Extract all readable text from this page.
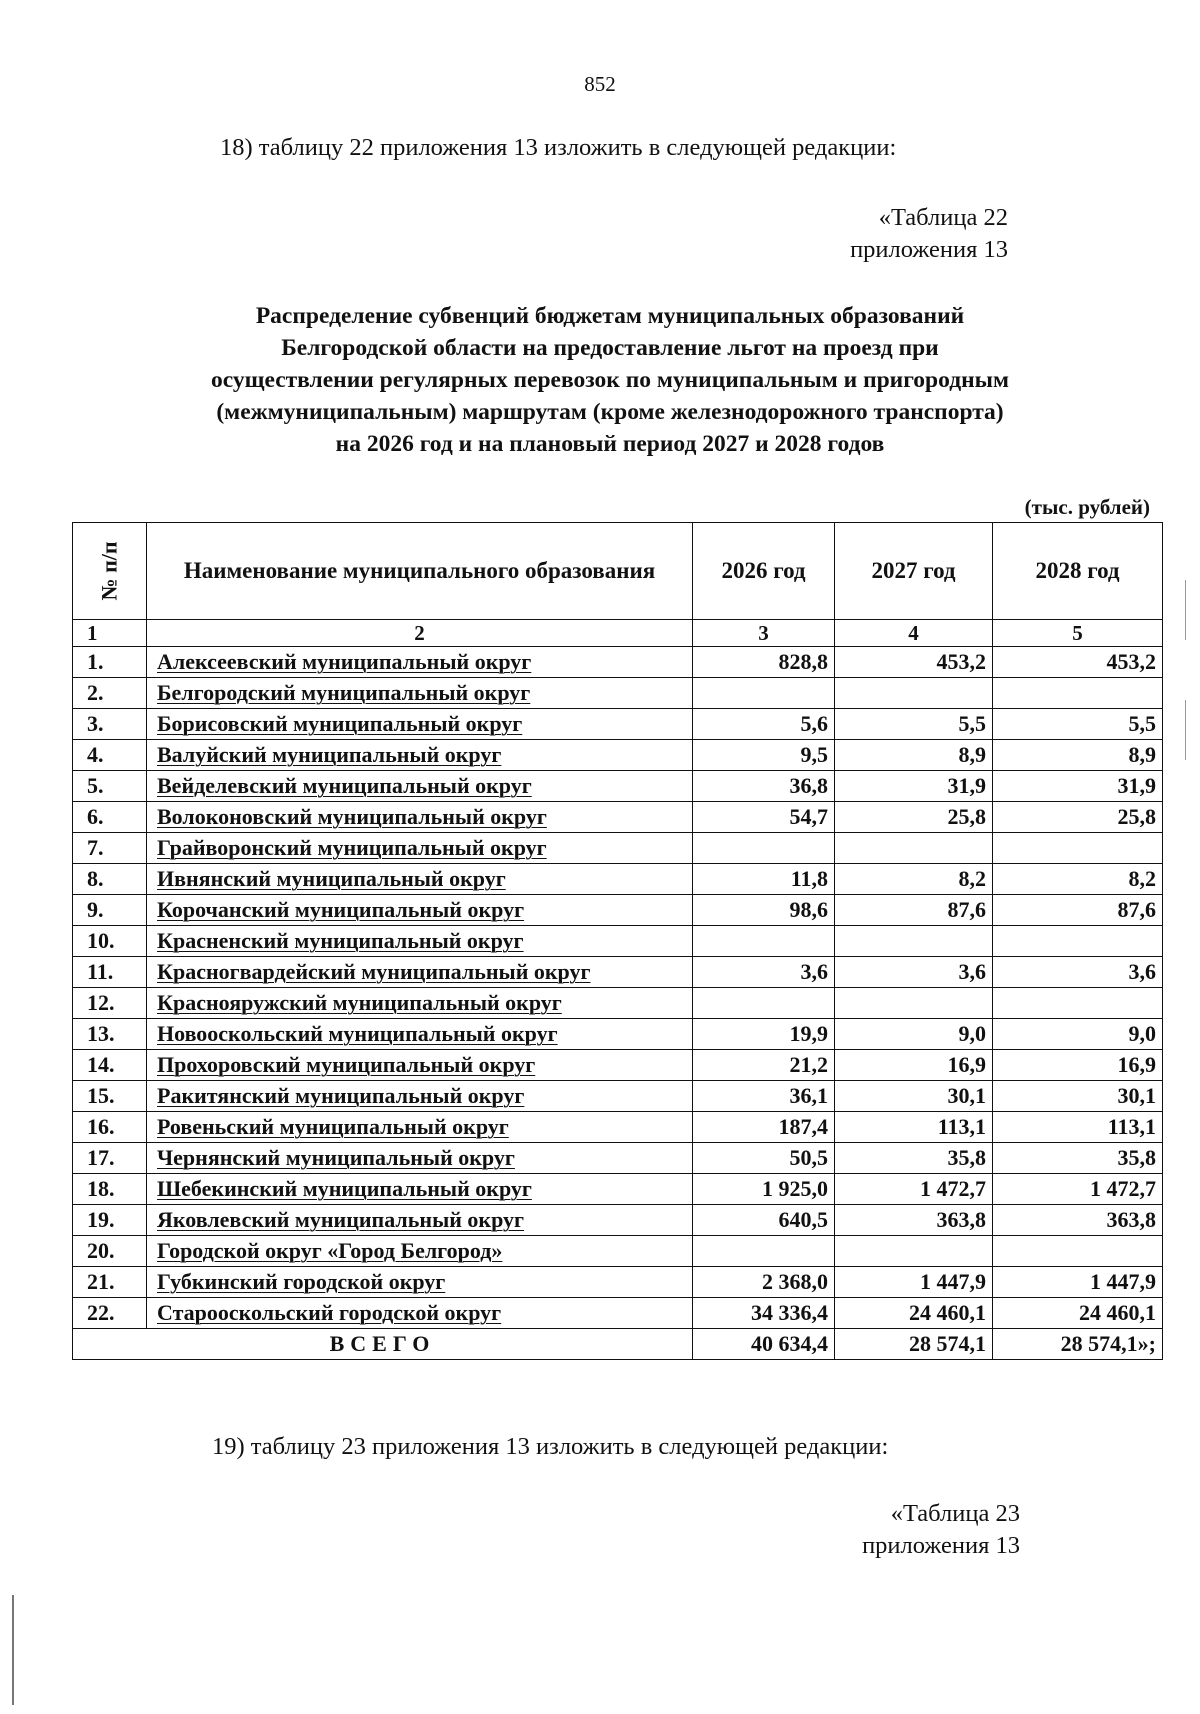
852
18) таблицу 22 приложения 13 изложить в следующей редакции:
«Таблица 22
приложения 13
Распределение субвенций бюджетам муниципальных образований
Белгородской области на предоставление льгот на проезд при
осуществлении регулярных перевозок по муниципальным и пригородным
(межмуниципальным) маршрутам (кроме железнодорожного транспорта)
на 2026 год и на плановый период 2027 и 2028 годов
(тыс. рублей)
№ п/п	Наименование муниципального образования	2026 год	2027 год	2028 год
1	2	3	4	5
1.	Алексеевский муниципальный округ	828,8	453,2	453,2
2.	Белгородский муниципальный округ			
3.	Борисовский муниципальный округ	5,6	5,5	5,5
4.	Валуйский муниципальный округ	9,5	8,9	8,9
5.	Вейделевский муниципальный округ	36,8	31,9	31,9
6.	Волоконовский муниципальный округ	54,7	25,8	25,8
7.	Грайворонский муниципальный округ			
8.	Ивнянский муниципальный округ	11,8	8,2	8,2
9.	Корочанский муниципальный округ	98,6	87,6	87,6
10.	Красненский муниципальный округ			
11.	Красногвардейский муниципальный округ	3,6	3,6	3,6
12.	Краснояружский муниципальный округ			
13.	Новооскольский муниципальный округ	19,9	9,0	9,0
14.	Прохоровский муниципальный округ	21,2	16,9	16,9
15.	Ракитянский муниципальный округ	36,1	30,1	30,1
16.	Ровеньский муниципальный округ	187,4	113,1	113,1
17.	Чернянский муниципальный округ	50,5	35,8	35,8
18.	Шебекинский муниципальный округ	1 925,0	1 472,7	1 472,7
19.	Яковлевский муниципальный округ	640,5	363,8	363,8
20.	Городской округ «Город Белгород»			
21.	Губкинский городской округ	2 368,0	1 447,9	1 447,9
22.	Старооскольский городской округ	34 336,4	24 460,1	24 460,1
ВСЕГО		40 634,4	28 574,1	28 574,1»;
19) таблицу 23 приложения 13 изложить в следующей редакции:
«Таблица 23
приложения 13
